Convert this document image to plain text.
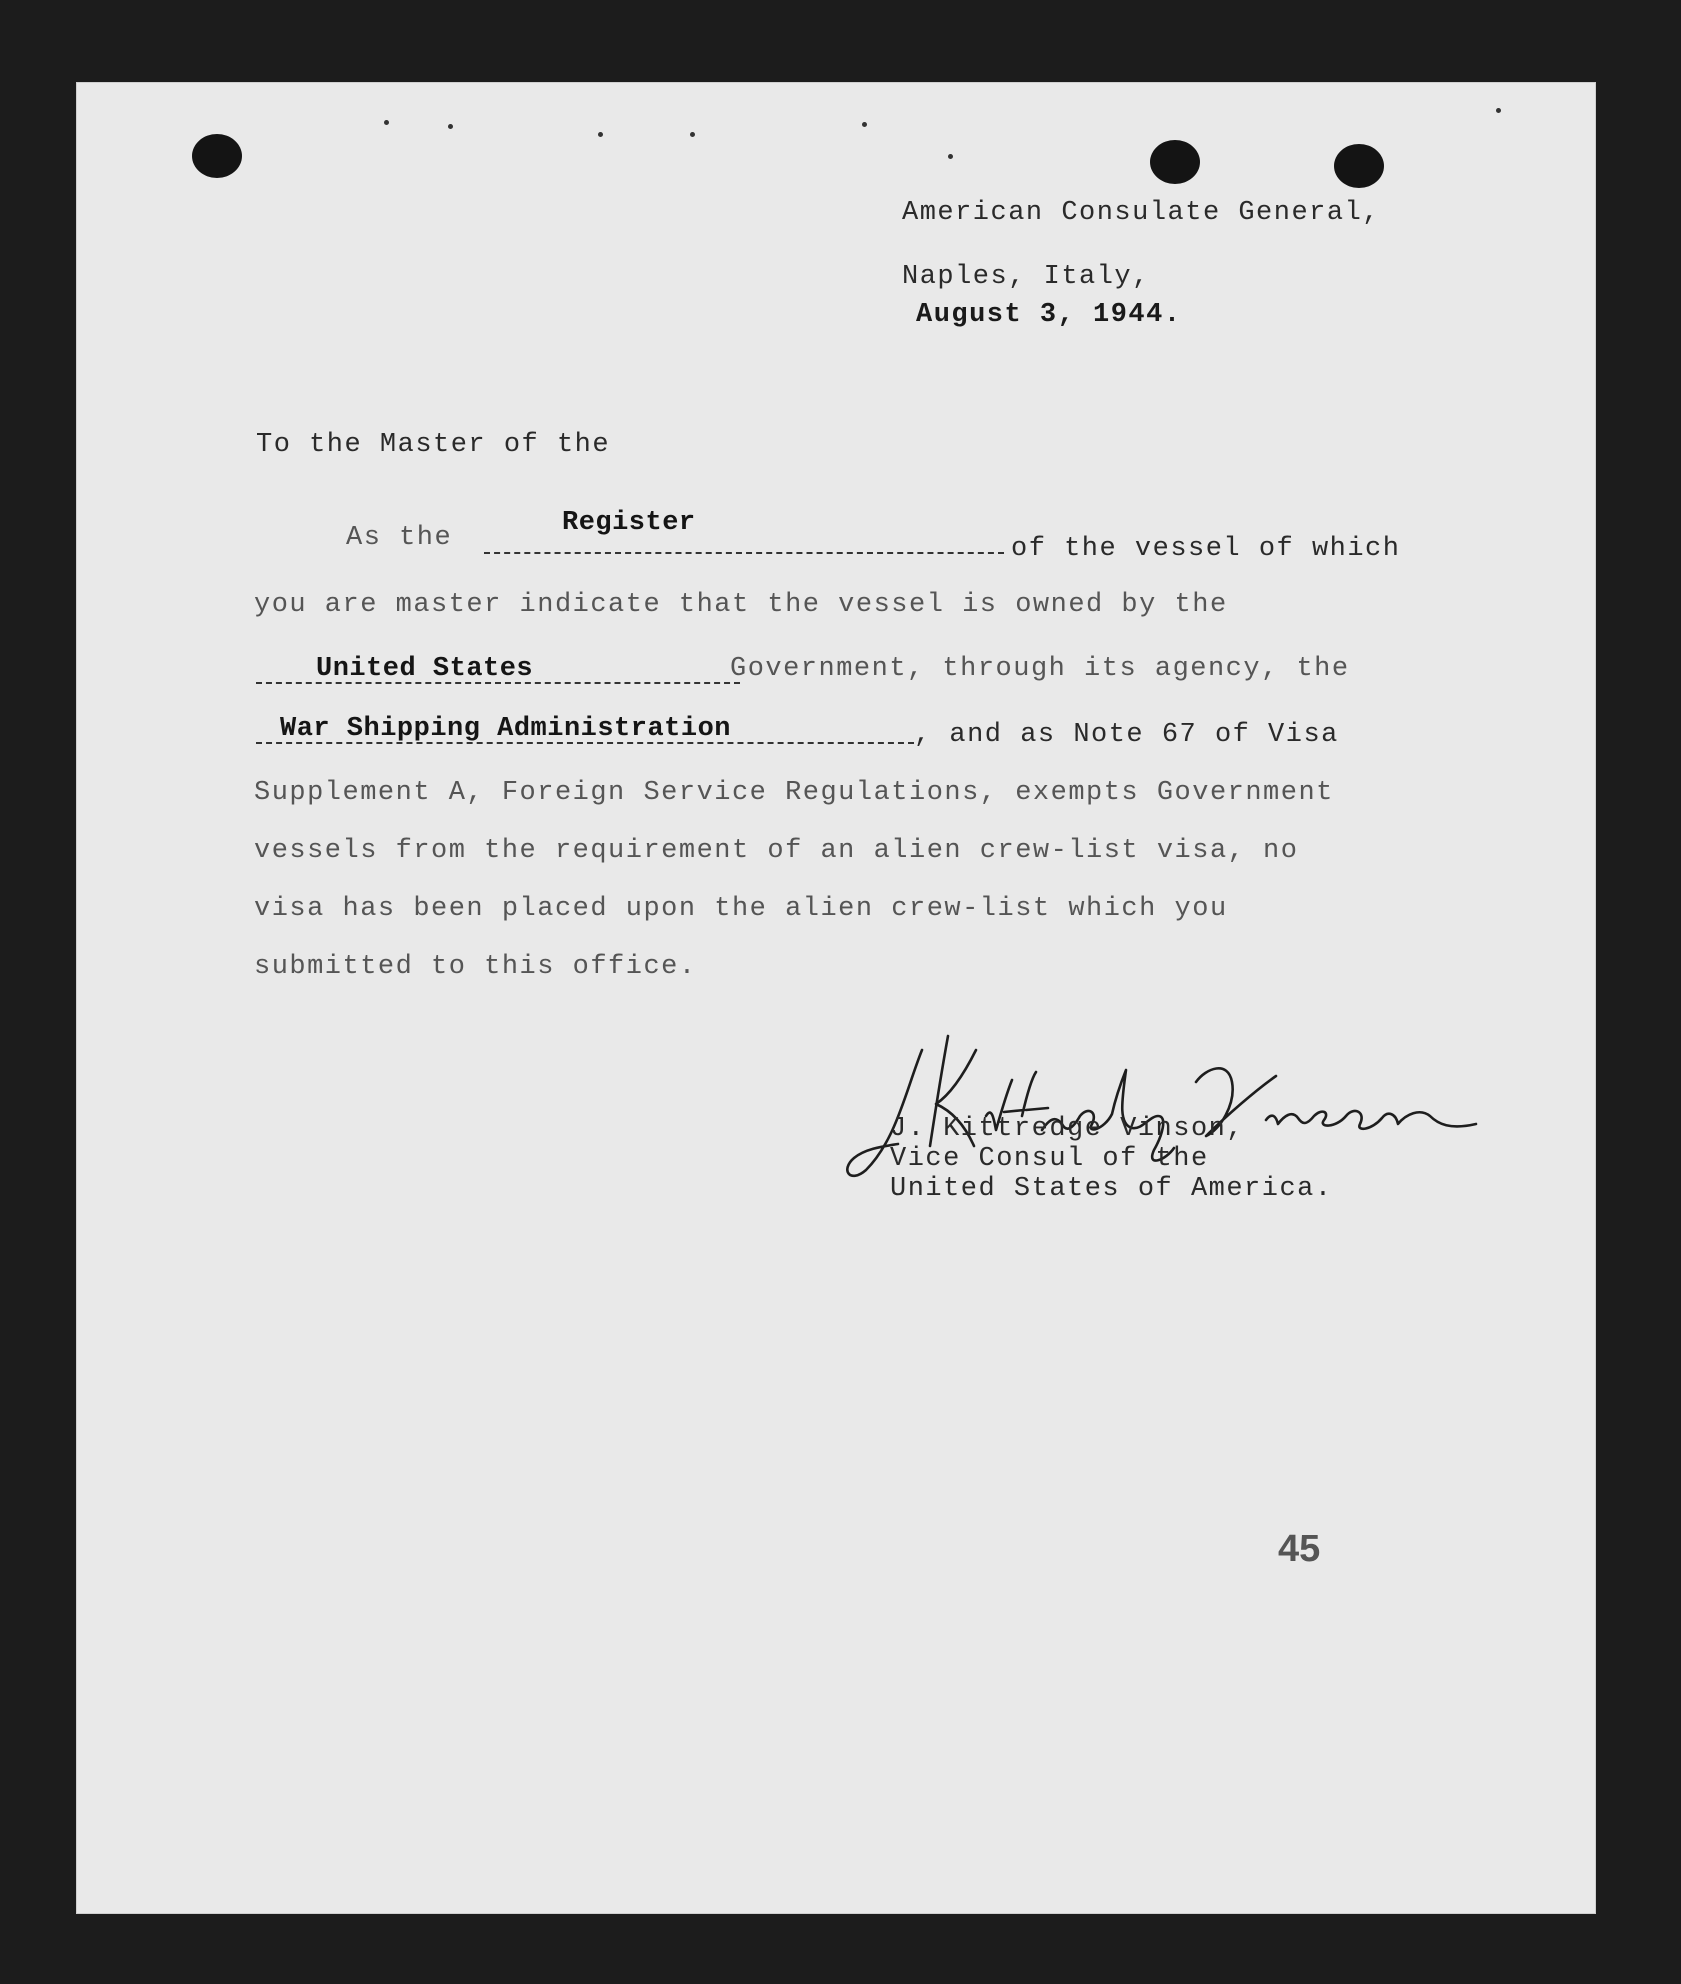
American Consulate General,
Naples, Italy,
August 3, 1944.
To the Master of the
As the	Register
of the vessel of which
you are master indicate that the vessel is owned by the
United States	Government, through its agency, the
War Shipping Administration	, and as Note 67 of Visa
Supplement A, Foreign Service Regulations, exempts Government
vessels from the requirement of an alien crew-list visa, no
visa has been placed upon the alien crew-list which you
submitted to this office.
J. Kittredge Vinson,
Vice Consul of the
United States of America.
45
